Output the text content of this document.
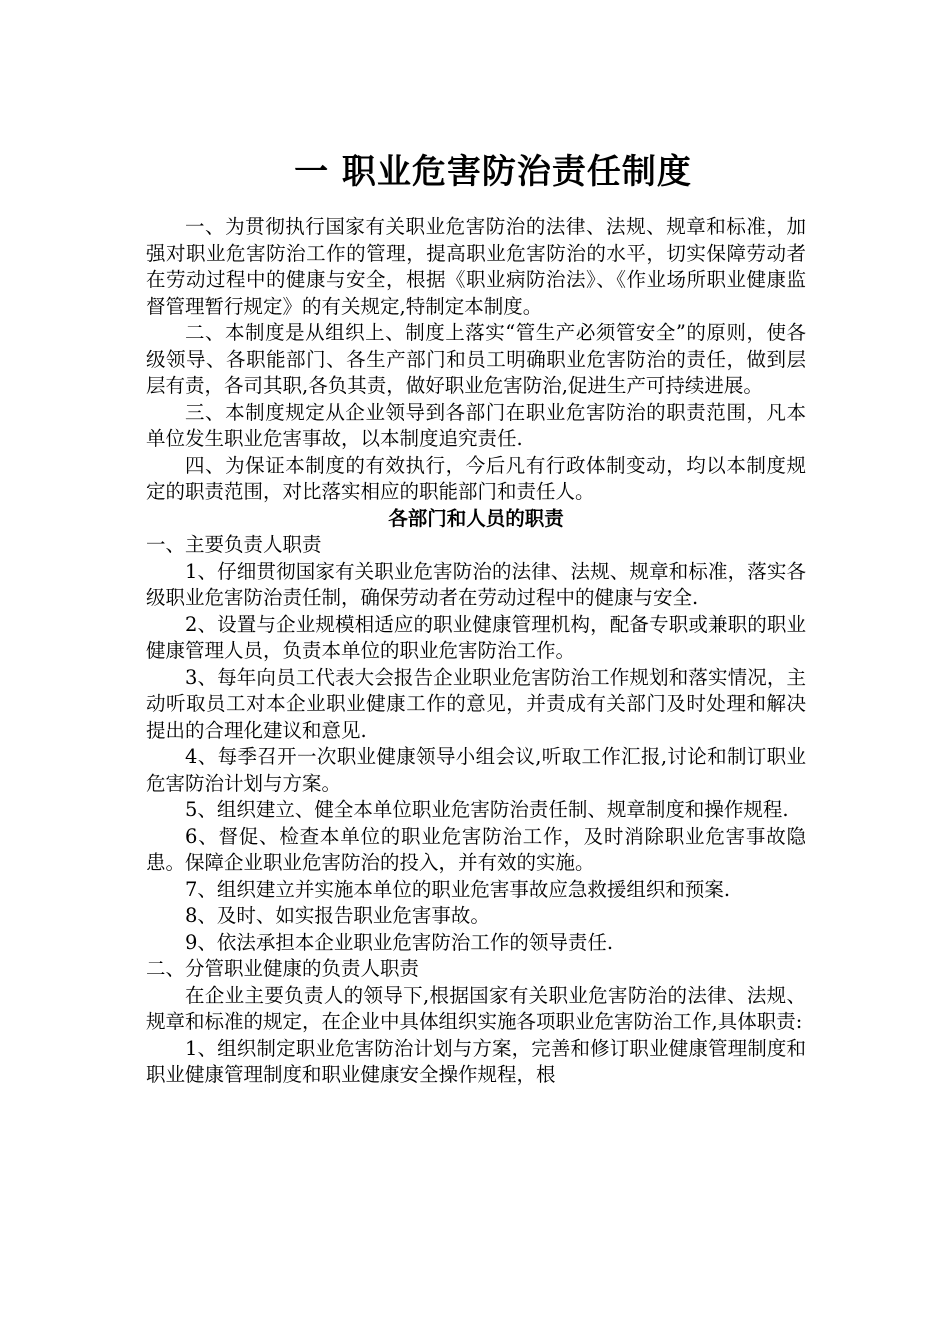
一 职业危害防治责任制度

一、为贯彻执行国家有关职业危害防治的法律、法规、规章和标准，加强对职业危害防治工作的管理，提高职业危害防治的水平，切实保障劳动者在劳动过程中的健康与安全，根据《职业病防治法》、《作业场所职业健康监督管理暂行规定》的有关规定,特制定本制度。

二、本制度是从组织上、制度上落实“管生产必须管安全”的原则，使各级领导、各职能部门、各生产部门和员工明确职业危害防治的责任，做到层层有责，各司其职,各负其责，做好职业危害防治,促进生产可持续进展。

三、本制度规定从企业领导到各部门在职业危害防治的职责范围，凡本单位发生职业危害事故，以本制度追究责任.

四、为保证本制度的有效执行，今后凡有行政体制变动，均以本制度规定的职责范围，对比落实相应的职能部门和责任人。

各部门和人员的职责

一、主要负责人职责

1、仔细贯彻国家有关职业危害防治的法律、法规、规章和标准，落实各级职业危害防治责任制，确保劳动者在劳动过程中的健康与安全.

2、设置与企业规模相适应的职业健康管理机构，配备专职或兼职的职业健康管理人员，负责本单位的职业危害防治工作。

3、每年向员工代表大会报告企业职业危害防治工作规划和落实情况，主动听取员工对本企业职业健康工作的意见，并责成有关部门及时处理和解决提出的合理化建议和意见.

4、每季召开一次职业健康领导小组会议,听取工作汇报,讨论和制订职业危害防治计划与方案。

5、组织建立、健全本单位职业危害防治责任制、规章制度和操作规程.

6、督促、检查本单位的职业危害防治工作，及时消除职业危害事故隐患。保障企业职业危害防治的投入，并有效的实施。

7、组织建立并实施本单位的职业危害事故应急救援组织和预案.

8、及时、如实报告职业危害事故。

9、依法承担本企业职业危害防治工作的领导责任.

二、分管职业健康的负责人职责

在企业主要负责人的领导下,根据国家有关职业危害防治的法律、法规、规章和标准的规定，在企业中具体组织实施各项职业危害防治工作,具体职责:

1、组织制定职业危害防治计划与方案，完善和修订职业健康管理制度和职业健康管理制度和职业健康安全操作规程，根
